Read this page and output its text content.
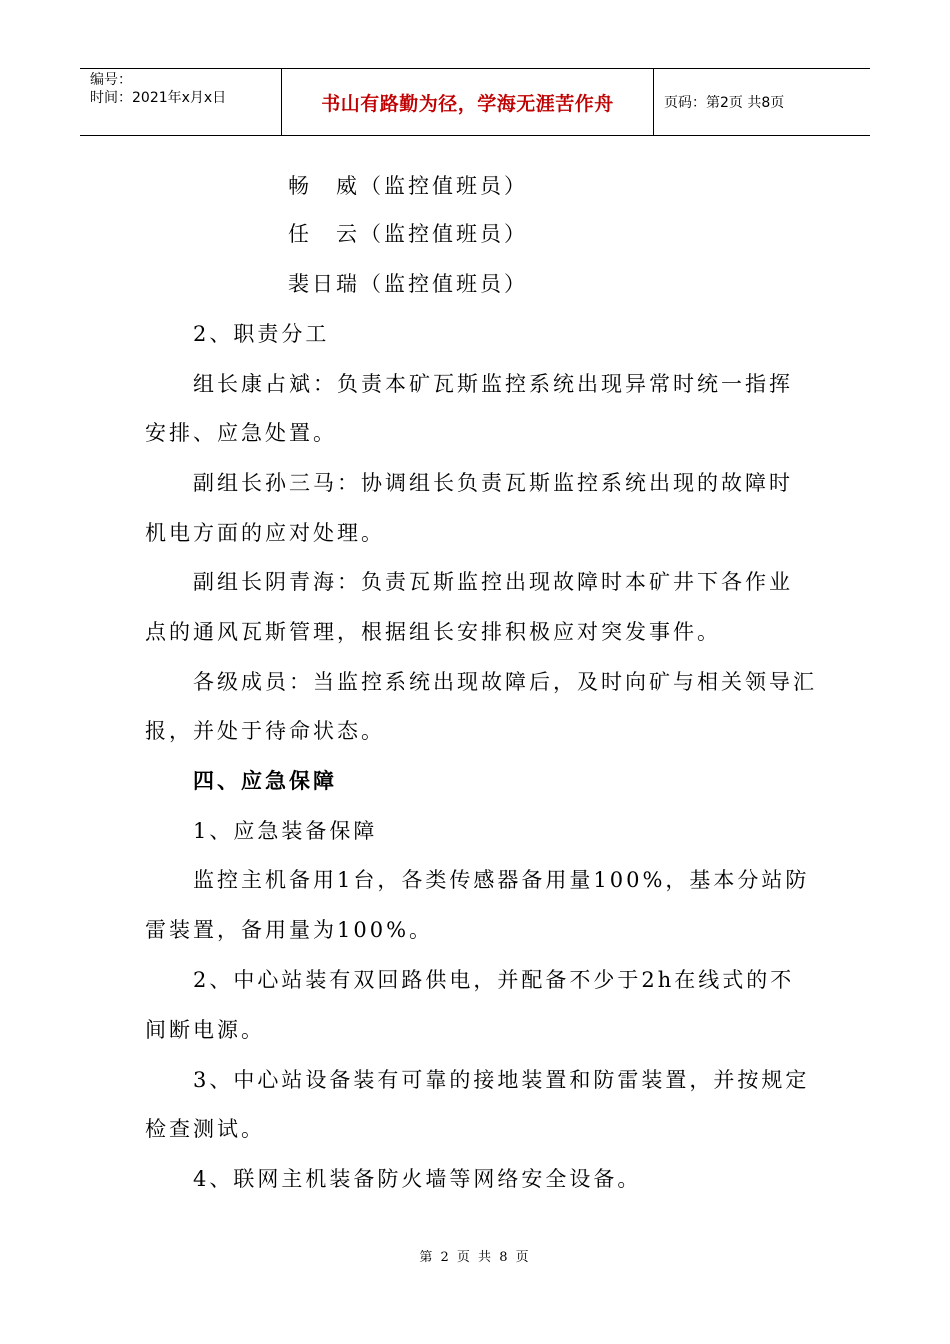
编号：
时间：2021年x月x日	书山有路勤为径，学海无涯苦作舟	页码：第2页 共8页
畅　威（监控值班员）
任　云（监控值班员）
裴日瑞（监控值班员）
2、职责分工
组长康占斌：负责本矿瓦斯监控系统出现异常时统一指挥
安排、应急处置。
副组长孙三马：协调组长负责瓦斯监控系统出现的故障时
机电方面的应对处理。
副组长阴青海：负责瓦斯监控出现故障时本矿井下各作业
点的通风瓦斯管理，根据组长安排积极应对突发事件。
各级成员：当监控系统出现故障后，及时向矿与相关领导汇
报，并处于待命状态。
四、应急保障
1、应急装备保障
监控主机备用1台，各类传感器备用量100%，基本分站防
雷装置，备用量为100%。
2、中心站装有双回路供电，并配备不少于2h在线式的不
间断电源。
3、中心站设备装有可靠的接地装置和防雷装置，并按规定
检查测试。
4、联网主机装备防火墙等网络安全设备。
第 2 页 共 8 页
